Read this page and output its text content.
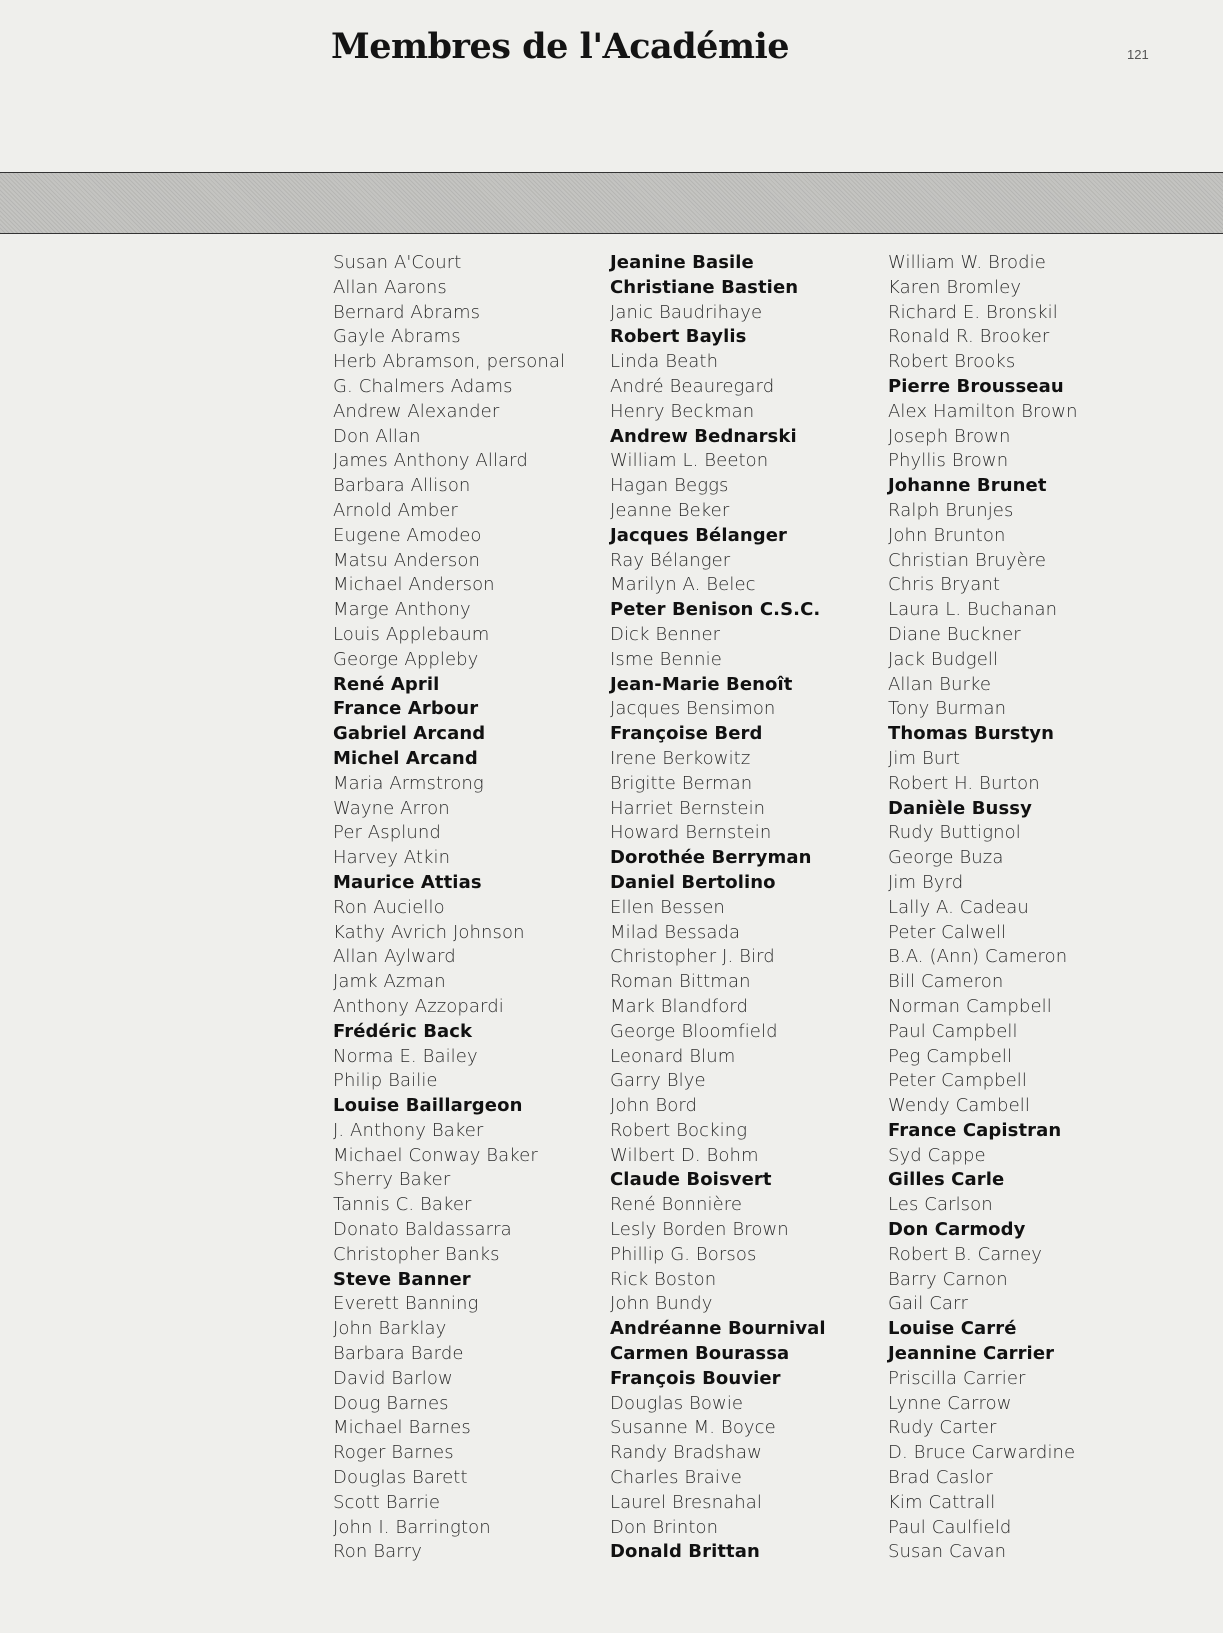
Membres de l'Académie	121
Susan A'Court
Allan Aarons
Bernard Abrams
Gayle Abrams
Herb Abramson, personal
G. Chalmers Adams
Andrew Alexander
Don Allan
James Anthony Allard
Barbara Allison
Arnold Amber
Eugene Amodeo
Matsu Anderson
Michael Anderson
Marge Anthony
Louis Applebaum
George Appleby
René April
France Arbour
Gabriel Arcand
Michel Arcand
Maria Armstrong
Wayne Arron
Per Asplund
Harvey Atkin
Maurice Attias
Ron Auciello
Kathy Avrich Johnson
Allan Aylward
Jamk Azman
Anthony Azzopardi
Frédéric Back
Norma E. Bailey
Philip Bailie
Louise Baillargeon
J. Anthony Baker
Michael Conway Baker
Sherry Baker
Tannis C. Baker
Donato Baldassarra
Christopher Banks
Steve Banner
Everett Banning
John Barklay
Barbara Barde
David Barlow
Doug Barnes
Michael Barnes
Roger Barnes
Douglas Barett
Scott Barrie
John I. Barrington
Ron Barry
Jeanine Basile
Christiane Bastien
Janic Baudrihaye
Robert Baylis
Linda Beath
André Beauregard
Henry Beckman
Andrew Bednarski
William L. Beeton
Hagan Beggs
Jeanne Beker
Jacques Bélanger
Ray Bélanger
Marilyn A. Belec
Peter Benison C.S.C.
Dick Benner
Isme Bennie
Jean-Marie Benoît
Jacques Bensimon
Françoise Berd
Irene Berkowitz
Brigitte Berman
Harriet Bernstein
Howard Bernstein
Dorothée Berryman
Daniel Bertolino
Ellen Bessen
Milad Bessada
Christopher J. Bird
Roman Bittman
Mark Blandford
George Bloomfield
Leonard Blum
Garry Blye
John Bord
Robert Bocking
Wilbert D. Bohm
Claude Boisvert
René Bonnière
Lesly Borden Brown
Phillip G. Borsos
Rick Boston
John Bundy
Andréanne Bournival
Carmen Bourassa
François Bouvier
Douglas Bowie
Susanne M. Boyce
Randy Bradshaw
Charles Braive
Laurel Bresnahal
Don Brinton
Donald Brittan
William W. Brodie
Karen Bromley
Richard E. Bronskil
Ronald R. Brooker
Robert Brooks
Pierre Brousseau
Alex Hamilton Brown
Joseph Brown
Phyllis Brown
Johanne Brunet
Ralph Brunjes
John Brunton
Christian Bruyère
Chris Bryant
Laura L. Buchanan
Diane Buckner
Jack Budgell
Allan Burke
Tony Burman
Thomas Burstyn
Jim Burt
Robert H. Burton
Danièle Bussy
Rudy Buttignol
George Buza
Jim Byrd
Lally A. Cadeau
Peter Calwell
B.A. (Ann) Cameron
Bill Cameron
Norman Campbell
Paul Campbell
Peg Campbell
Peter Campbell
Wendy Cambell
France Capistran
Syd Cappe
Gilles Carle
Les Carlson
Don Carmody
Robert B. Carney
Barry Carnon
Gail Carr
Louise Carré
Jeannine Carrier
Priscilla Carrier
Lynne Carrow
Rudy Carter
D. Bruce Carwardine
Brad Caslor
Kim Cattrall
Paul Caulfield
Susan Cavan
